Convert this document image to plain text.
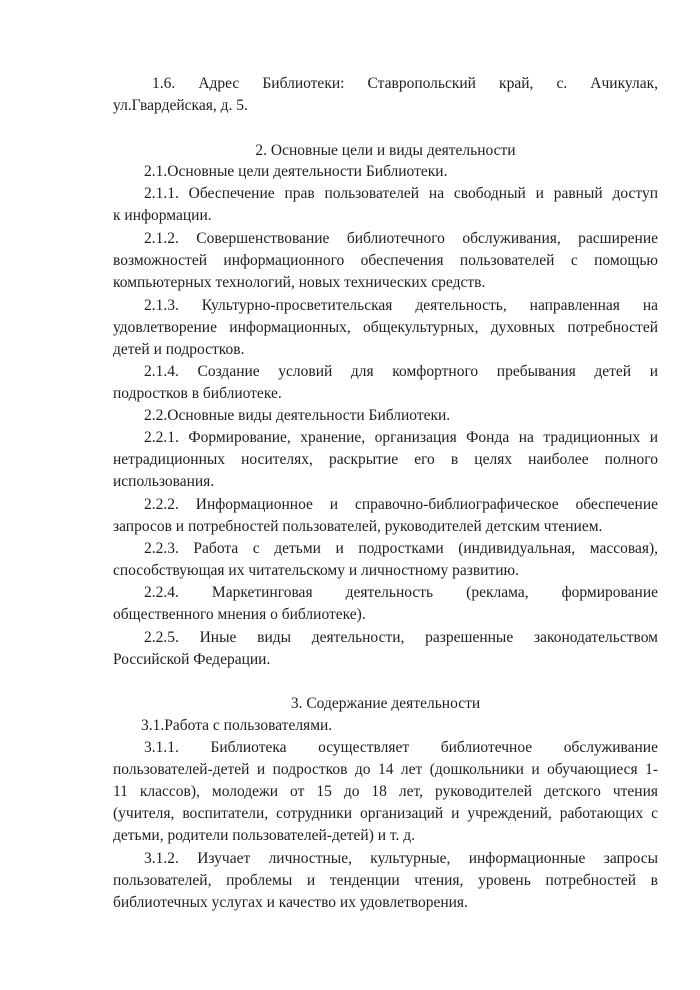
1.6. Адрес Библиотеки: Ставропольский край, с. Ачикулак,
ул.Гвардейская, д. 5.
2. Основные цели и виды деятельности
2.1.Основные цели деятельности Библиотеки.
2.1.1. Обеспечение прав пользователей на свободный и равный доступ
к информации.
2.1.2. Совершенствование библиотечного обслуживания, расширение
возможностей информационного обеспечения пользователей с помощью
компьютерных технологий, новых технических средств.
2.1.3. Культурно-просветительская деятельность, направленная на
удовлетворение информационных, общекультурных, духовных потребностей
детей и подростков.
2.1.4. Создание условий для комфортного пребывания детей и
подростков в библиотеке.
2.2.Основные виды деятельности Библиотеки.
2.2.1. Формирование, хранение, организация Фонда на традиционных и
нетрадиционных носителях, раскрытие его в целях наиболее полного
использования.
2.2.2. Информационное и справочно-библиографическое обеспечение
запросов и потребностей пользователей, руководителей детским чтением.
2.2.3. Работа с детьми и подростками (индивидуальная, массовая),
способствующая их читательскому и личностному развитию.
2.2.4. Маркетинговая деятельность (реклама, формирование
общественного мнения о библиотеке).
2.2.5. Иные виды деятельности, разрешенные законодательством
Российской Федерации.
3. Содержание деятельности
3.1.Работа с пользователями.
3.1.1. Библиотека осуществляет библиотечное обслуживание
пользователей-детей и подростков до 14 лет (дошкольники и обучающиеся 1-
11 классов), молодежи от 15 до 18 лет, руководителей детского чтения
(учителя, воспитатели, сотрудники организаций и учреждений, работающих с
детьми, родители пользователей-детей) и т. д.
3.1.2. Изучает личностные, культурные, информационные запросы
пользователей, проблемы и тенденции чтения, уровень потребностей в
библиотечных услугах и качество их удовлетворения.
